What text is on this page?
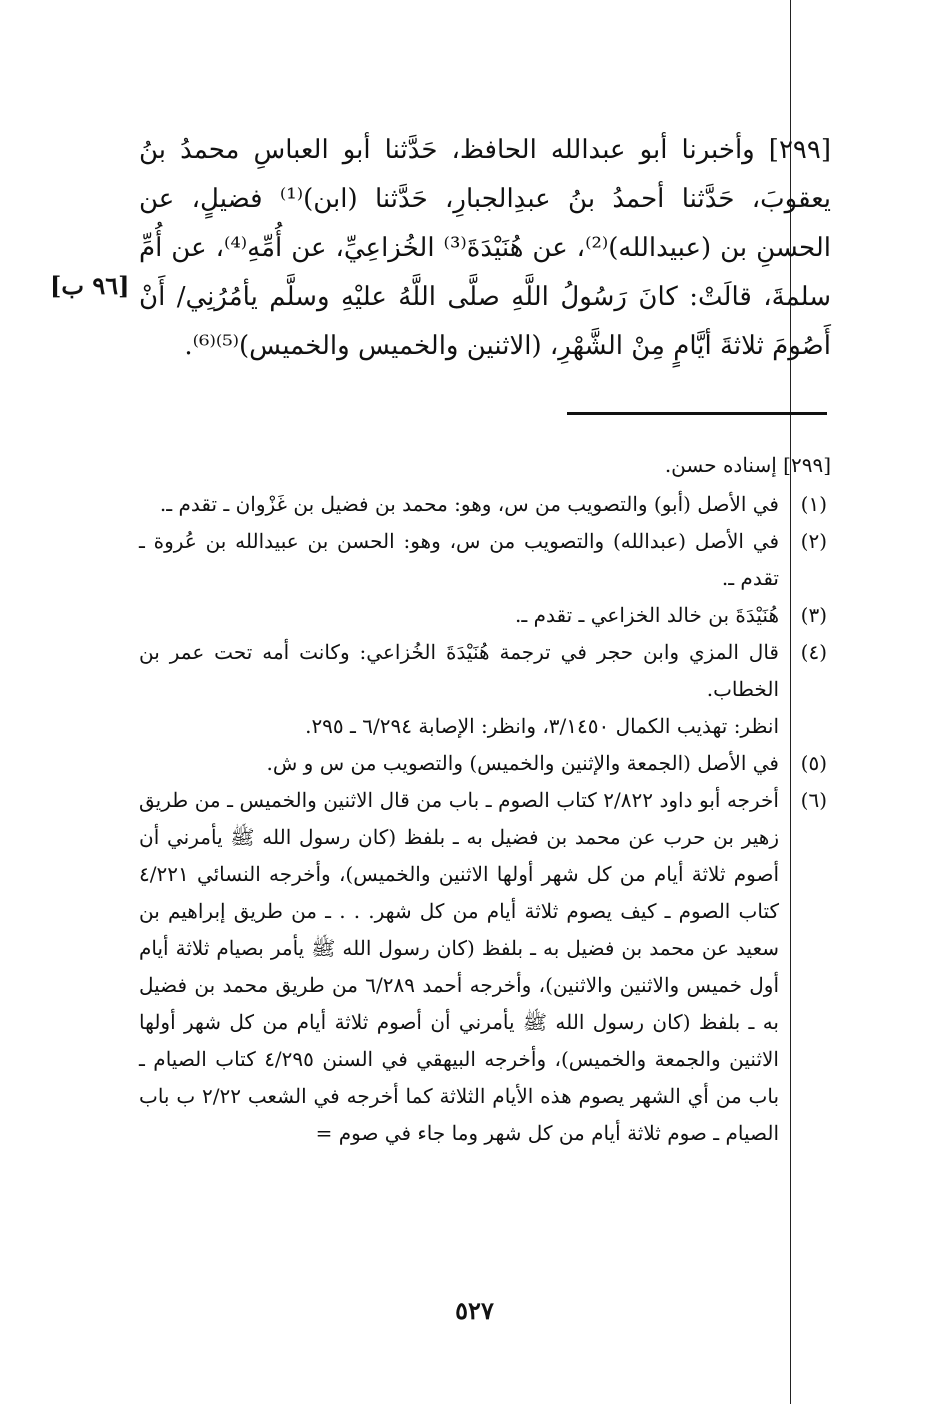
[٢٩٩] وأخبرنا أبو عبدالله الحافظ، حَدَّثنا أبو العباسِ محمدُ بنُ يعقوبَ، حَدَّثنا أحمدُ بنُ عبدِالجبارِ، حَدَّثنا (ابن)⁽¹⁾ فضيلٍ، عن الحسنِ بن (عبيدالله)⁽²⁾، عن هُنَيْدَةَ⁽³⁾ الخُزاعِيِّ، عن أُمِّهِ⁽⁴⁾، عن أُمِّ سلمةَ، قالَتْ: كانَ رَسُولُ اللَّهِ صلَّى اللَّهُ عليْهِ وسلَّم يأمُرُنِي/ أَنْ أَصُومَ ثلاثةَ أيَّامٍ مِنْ الشَّهْرِ، (الاثنين والخميس والخميس)⁽⁵⁾⁽⁶⁾.

[٩٦ ب]

[٢٩٩] إسناده حسن.

(١)
في الأصل (أبو) والتصويب من س، وهو: محمد بن فضيل بن غَزْوان ـ تقدم ـ.
(٢)
في الأصل (عبدالله) والتصويب من س، وهو: الحسن بن عبيدالله بن عُروة ـ تقدم ـ.
(٣)
هُنَيْدَةَ بن خالد الخزاعي ـ تقدم ـ.
(٤)
قال المزي وابن حجر في ترجمة هُنَيْدَةَ الخُزاعي: وكانت أمه تحت عمر بن الخطاب.

انظر: تهذيب الكمال ٣/١٤٥٠، وانظر: الإصابة ٦/٢٩٤ ـ ٢٩٥.

(٥)
في الأصل (الجمعة والإثنين والخميس) والتصويب من س و ش.
(٦)
أخرجه أبو داود ٢/٨٢٢ كتاب الصوم ـ باب من قال الاثنين والخميس ـ من طريق زهير بن حرب عن محمد بن فضيل به ـ بلفظ (كان رسول الله ﷺ يأمرني أن أصوم ثلاثة أيام من كل شهر أولها الاثنين والخميس)، وأخرجه النسائي ٤/٢٢١ كتاب الصوم ـ كيف يصوم ثلاثة أيام من كل شهر. . . ـ من طريق إبراهيم بن سعيد عن محمد بن فضيل به ـ بلفظ (كان رسول الله ﷺ يأمر بصيام ثلاثة أيام أول خميس والاثنين والاثنين)، وأخرجه أحمد ٦/٢٨٩ من طريق محمد بن فضيل به ـ بلفظ (كان رسول الله ﷺ يأمرني أن أصوم ثلاثة أيام من كل شهر أولها الاثنين والجمعة والخميس)، وأخرجه البيهقي في السنن ٤/٢٩٥ كتاب الصيام ـ باب من أي الشهر يصوم هذه الأيام الثلاثة كما أخرجه في الشعب ٢/٢٢ ب باب الصيام ـ صوم ثلاثة أيام من كل شهر وما جاء في صوم =
٥٢٧
